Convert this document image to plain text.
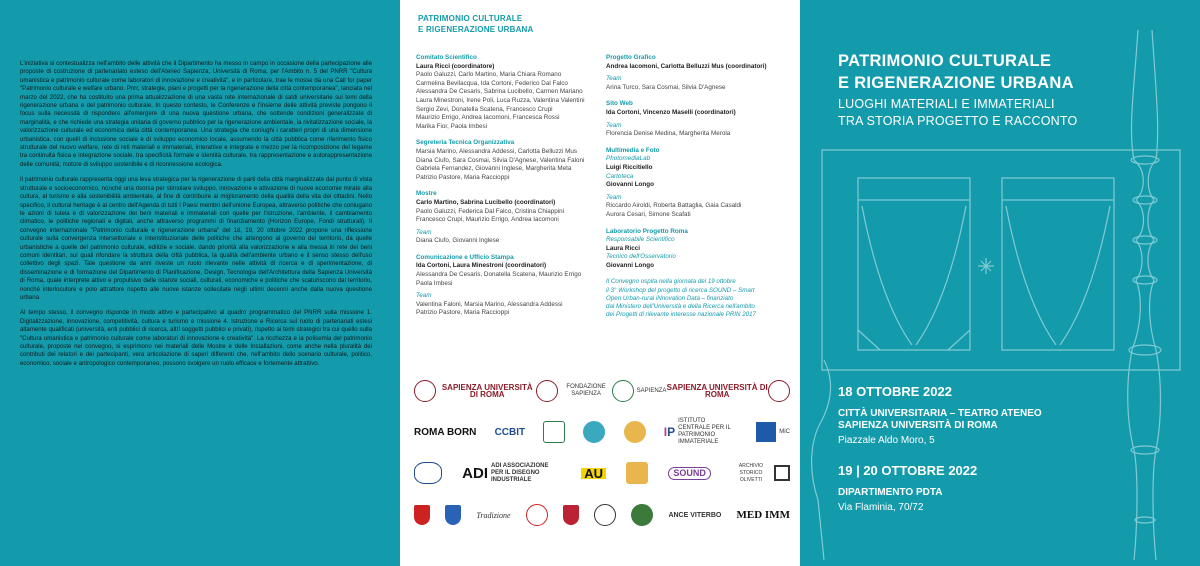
L'iniziativa si contestualizza nell'ambito delle attività che il Dipartimento ha messo in campo in occasione della partecipazione alle proposte di costruzione di partenariato esteso dell'Ateneo Sapienza, Università di Roma, per l'Ambito n. 5 del PNRR "Cultura umanistica e patrimonio culturale come laboratori di innovazione e creatività", e in particolare, trae le mosse da una Call for paper "Patrimonio culturale e welfare urbano. Pnrr, strategie, piani e progetti per la rigenerazione della città contemporanea", lanciata nel marzo del 2022, che ha costituito una prima attualizzazione di una vasta rete internazionale di saldi universitarie sui temi della rigenerazione urbana e del patrimonio culturale. In questo contesto, le Conferenze e l'insieme delle attività previste pongono il focus sulla necessità di rispondere all'emergere di una nuova questione urbana, che sottende condizioni generalizzate di marginalità, e che richiede una strategia unitaria di governo pubblico per la rigenerazione ambientale, la rivitalizzazione sociale, la valorizzazione culturale ed economica della città contemporanea. Una strategia che coniughi i caratteri propri di una dimensione urbanistica, con quelli di inclusione sociale e di sviluppo economico locale, assumendo la città pubblica come riferimento fisico strutturale del nuovo welfare, rete di reti materiali e immateriali, interattive e integrate e mezzo per la ricomposizione del legame tra continuità fisica e integrazione sociale, tra specificità formale e identità culturale, tra rappresentazione e autorappresentazione delle comunità; motore di sviluppo sostenibile e di riconnessione ecologica.

Il patrimonio culturale rappresenta oggi una leva strategica per la rigenerazione di parti della città marginalizzate dal punto di vista strutturale e socioeconomico, nonché una risorsa per stimolare sviluppo, innovazione e attivazione di nuove economie mirate alla cultura, al turismo e alla sostenibilità ambientale, al fine di contribuire al miglioramento della qualità della vita dei cittadini. Nello specifico, il cultural heritage è al centro dell'Agenda di tutti i Paesi membri dell'unione Europea, attraverso politiche che coniugano le azioni di tutela e di valorizzazione dei beni materiali e immateriali con quelle per l'istruzione, l'ambiente, il cambiamento climatico, le politiche regionali e digitali, anche attraverso programmi di finanziamento (Horizon Europe, Fondi strutturali). Il convegno internazionale "Patrimonio culturale e rigenerazione urbana" del 18, 19, 20 ottobre 2022 propone una riflessione culturale sulla convergenza intersettoriale e interistituzionale delle politiche che attengono al governo del territorio, da quelle urbanistiche a quelle del patrimonio culturale, edilizie e sociale, dando priorità alla valorizzazione e alla messa in rete dei beni comuni identitari, sui quali rifondare la struttura della città pubblica, la qualità dell'ambiente urbano e il senso stesso dell'uso collettivo degli spazi. Tale questione da anni riveste un ruolo rilevante nelle attività di ricerca e di sperimentazione, di disseminazione e di formazione del Dipartimento di Pianificazione, Design, Tecnologia dell'Architettura della Sapienza Università di Roma, quale interprete attivo e propulsivo delle istanze sociali, culturali, economiche e politiche che scaturiscono dal territorio, nonché interlocutore e polo attrattore rispetto alle nuove istanze sollecitate negli ultimi decenni anche dalla nuova questione urbana.

Al tempo stesso, il convegno risponde in modo attivo e partecipativo al quadro programmatico del PNRR sulla missione 1. Digitalizzazione, innovazione, competitività, cultura e turismo e missione 4. Istruzione e Ricerca sul ruolo di partenariati estesi altamente qualificati (università, enti pubblici di ricerca, altri soggetti pubblici e privati), rispetto ai temi strategici tra cui quello sulla "Cultura umanistica e patrimonio culturale come laboratori di innovazione e creatività". La ricchezza e la polisemia del patrimonio culturale, proposte nel convegno, si esprimono nei materiali delle Mostre e delle Installazioni, come anche nella pluralità dei contributi dei relatori e dei partecipanti, vera articolazione di saperi differenti che, nell'ambito dello scenario culturale, politico, economico, sociale e antropologico contemporaneo, possono svolgere un ruolo efficace e fortemente attrattivo.

PATRIMONIO CULTURALE
E RIGENERAZIONE URBANA
Comitato Scientifico
Laura Ricci (coordinatore)
Paolo Galuzzi, Carlo Martino, Maria Chiara Romano
Carmelina Bevilacqua, Ida Cortoni, Federico Dal Falco
Alessandra De Cesaris, Sabrina Lucibello, Carmen Mariano
Laura Minestroni, Irene Poli, Luca Ruzza, Valentina Valentini
Sergio Zevi, Donatella Scatena, Francesco Crupi
Maurizio Errigo, Andrea Iacomoni, Francesca Rossi
Marika Fior, Paola Imbesi
Segreteria Tecnica Organizzativa
Marsia Marino, Alessandra Addessi, Carlotta Belluzzi Mus
Diana Ciufo, Sara Cosmai, Silvia D'Agnese, Valentina Faloni
Gabriela Fernandez, Giovanni Inglese, Margherita Meta
Patrizio Pastore, Maria Raccioppi
Mostre
Carlo Martino, Sabrina Lucibello (coordinatori)
Paolo Galuzzi, Federica Dal Falco, Cristina Chiappini
Francesco Crupi, Maurizio Errigo, Andrea Iacomoni
Team
Diana Ciufo, Giovanni Inglese
Comunicazione e Ufficio Stampa
Ida Cortoni, Laura Minestroni (coordinatori)
Alessandra De Cesaris, Donatella Scatena, Maurizio Errigo
Paola Imbesi
Team
Valentina Faloni, Marsia Marino, Alessandra Addessi
Patrizio Pastore, Maria Raccioppi
Progetto Grafico
Andrea Iacomoni, Carlotta Belluzzi Mus (coordinatori)
Team
Arina Turco, Sara Cosmai, Silvia D'Agnese
Sito Web
Ida Cortoni, Vincenzo Maselli (coordinatori)
Team
Florencia Denise Medina, Margherita Merola
Multimedia e Foto
PhotomediaLab
Luigi Riccitiello
Cartoteca
Giovanni Longo
Team
Riccardo Airoldi, Roberta Battaglia, Gaia Casaldi
Aurora Cesari, Simone Scafati
Laboratorio Progetto Roma
Responsabile Scientifico
Laura Ricci
Tecnico dell'Osservatorio
Giovanni Longo
Il Convegno ospita nella giornata del 19 ottobre
il 3° Workshop del progetto di ricerca SOUND – Smart
Open Urban-rural iNnovation Data – finanziato
dal Ministero dell'Università e della Ricerca nell'ambito
dei Progetti di rilevante interesse nazionale PRIN 2017
SAPIENZA UNIVERSITÀ DI ROMA
FONDAZIONE SAPIENZA
SAPIENZA SAPIENZA UNIVERSITÀ DI ROMA
ROMA BORN CCBIT	IP
ISTITUTO CENTRALE PER IL PATRIMONIO IMMATERIALE
MiC
ADI ADI ASSOCIAZIONE PER IL DISEGNO INDUSTRIALE	AU	SOUND
ARCHIVIO STORICO OLIVETTI
Tradizione	ANCE VITERBO MED IMM
PATRIMONIO CULTURALE
E RIGENERAZIONE URBANA
LUOGHI MATERIALI E IMMATERIALI
TRA STORIA PROGETTO E RACCONTO
18 OTTOBRE 2022
CITTÀ UNIVERSITARIA – TEATRO ATENEO
SAPIENZA UNIVERSITÀ DI ROMA
Piazzale Aldo Moro, 5
19 | 20 OTTOBRE 2022
DIPARTIMENTO PDTA
Via Flaminia, 70/72
